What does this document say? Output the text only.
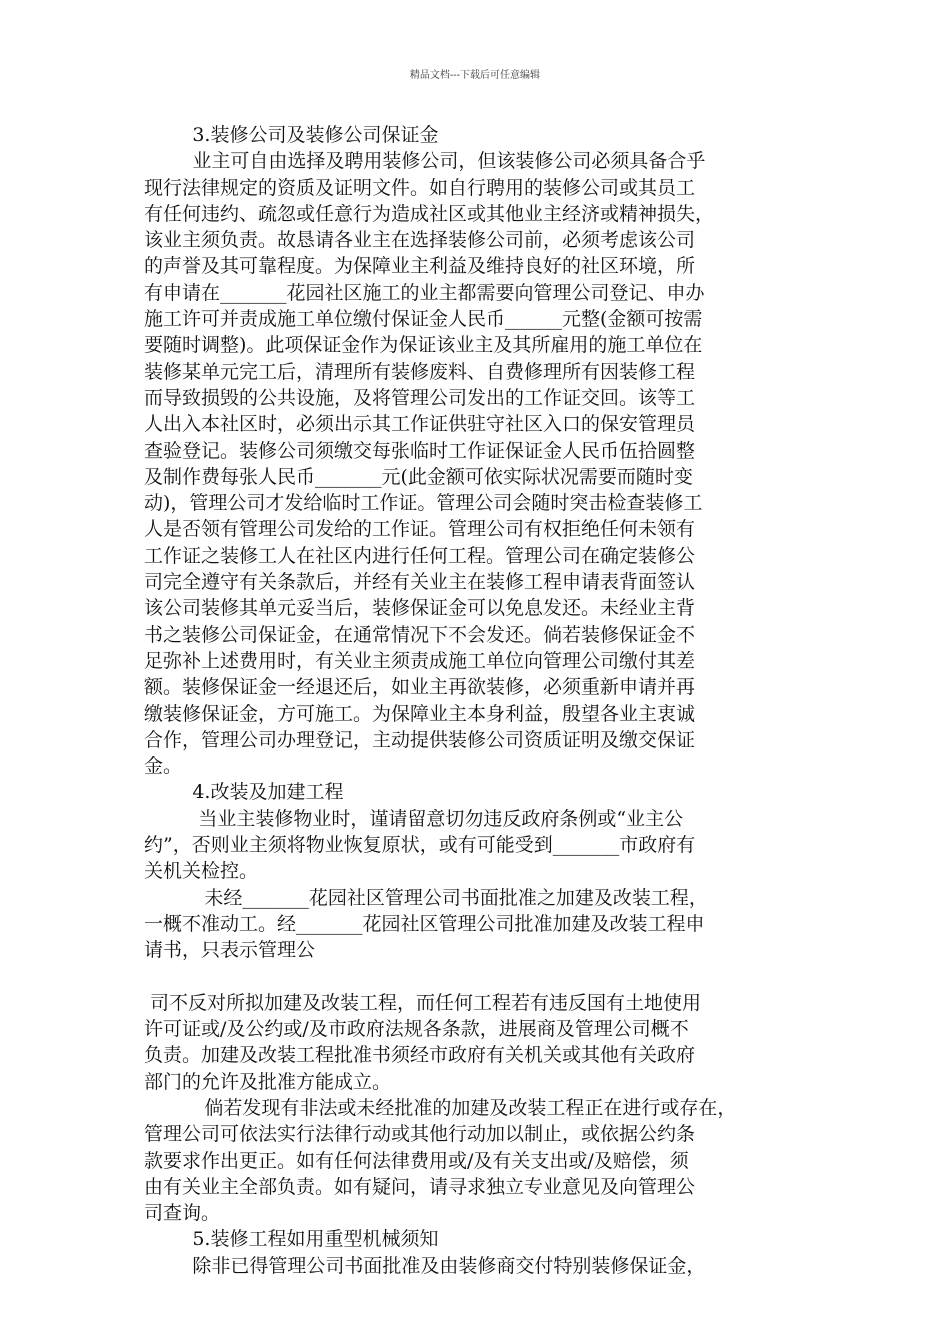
精品文档---下载后可任意编辑
3.装修公司及装修公司保证金
业主可自由选择及聘用装修公司，但该装修公司必须具备合乎
现行法律规定的资质及证明文件。如自行聘用的装修公司或其员工
有任何违约、疏忽或任意行为造成社区或其他业主经济或精神损失，
该业主须负责。故恳请各业主在选择装修公司前，必须考虑该公司
的声誉及其可靠程度。为保障业主利益及维持良好的社区环境，所
有申请在_______花园社区施工的业主都需要向管理公司登记、申办
施工许可并责成施工单位缴付保证金人民币______元整(金额可按需
要随时调整)。此项保证金作为保证该业主及其所雇用的施工单位在
装修某单元完工后，清理所有装修废料、自费修理所有因装修工程
而导致损毁的公共设施，及将管理公司发出的工作证交回。该等工
人出入本社区时，必须出示其工作证供驻守社区入口的保安管理员
查验登记。装修公司须缴交每张临时工作证保证金人民币伍拾圆整
及制作费每张人民币_______元(此金额可依实际状况需要而随时变
动)，管理公司才发给临时工作证。管理公司会随时突击检查装修工
人是否领有管理公司发给的工作证。管理公司有权拒绝任何未领有
工作证之装修工人在社区内进行任何工程。管理公司在确定装修公
司完全遵守有关条款后，并经有关业主在装修工程申请表背面签认
该公司装修其单元妥当后，装修保证金可以免息发还。未经业主背
书之装修公司保证金，在通常情况下不会发还。倘若装修保证金不
足弥补上述费用时，有关业主须责成施工单位向管理公司缴付其差
额。装修保证金一经退还后，如业主再欲装修，必须重新申请并再
缴装修保证金，方可施工。为保障业主本身利益，殷望各业主衷诚
合作，管理公司办理登记，主动提供装修公司资质证明及缴交保证
金。
4.改装及加建工程
当业主装修物业时，谨请留意切勿违反政府条例或“业主公
约”，否则业主须将物业恢复原状，或有可能受到_______市政府有
关机关检控。
未经_______花园社区管理公司书面批准之加建及改装工程，
一概不准动工。经_______花园社区管理公司批准加建及改装工程申
请书，只表示管理公
司不反对所拟加建及改装工程，而任何工程若有违反国有土地使用
许可证或/及公约或/及市政府法规各条款，进展商及管理公司概不
负责。加建及改装工程批准书须经市政府有关机关或其他有关政府
部门的允许及批准方能成立。
倘若发现有非法或未经批准的加建及改装工程正在进行或存在，
管理公司可依法实行法律行动或其他行动加以制止，或依据公约条
款要求作出更正。如有任何法律费用或/及有关支出或/及赔偿，须
由有关业主全部负责。如有疑问，请寻求独立专业意见及向管理公
司查询。
5.装修工程如用重型机械须知
除非已得管理公司书面批准及由装修商交付特别装修保证金，
